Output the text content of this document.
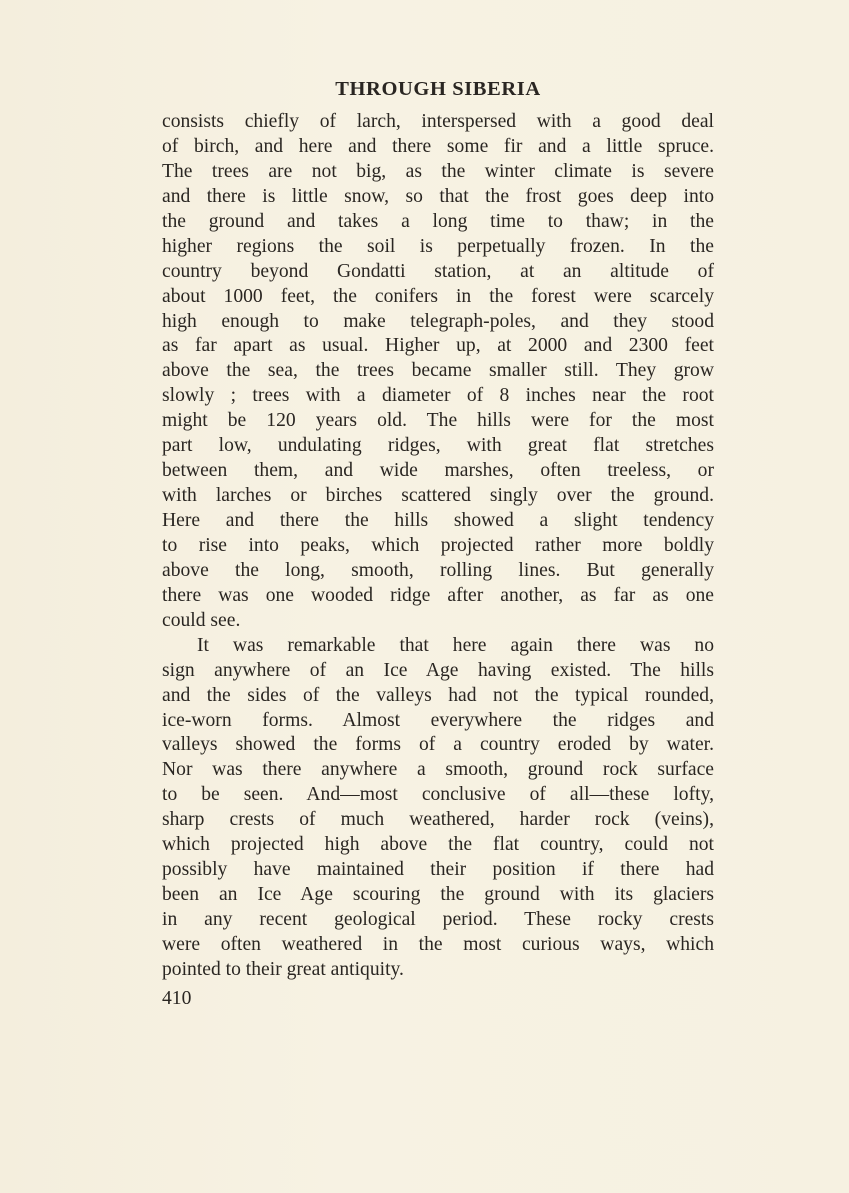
THROUGH SIBERIA

consists chiefly of larch, interspersed with a good deal
of birch, and here and there some fir and a little spruce.
The trees are not big, as the winter climate is severe
and there is little snow, so that the frost goes deep into
the ground and takes a long time to thaw; in the
higher regions the soil is perpetually frozen. In the
country beyond Gondatti station, at an altitude of
about 1000 feet, the conifers in the forest were scarcely
high enough to make telegraph-poles, and they stood
as far apart as usual. Higher up, at 2000 and 2300 feet
above the sea, the trees became smaller still. They grow
slowly ; trees with a diameter of 8 inches near the root
might be 120 years old. The hills were for the most
part low, undulating ridges, with great flat stretches
between them, and wide marshes, often treeless, or
with larches or birches scattered singly over the ground.
Here and there the hills showed a slight tendency
to rise into peaks, which projected rather more boldly
above the long, smooth, rolling lines. But generally
there was one wooded ridge after another, as far as one
could see.

It was remarkable that here again there was no
sign anywhere of an Ice Age having existed. The hills
and the sides of the valleys had not the typical rounded,
ice-worn forms. Almost everywhere the ridges and
valleys showed the forms of a country eroded by water.
Nor was there anywhere a smooth, ground rock surface
to be seen. And—most conclusive of all—these lofty,
sharp crests of much weathered, harder rock (veins),
which projected high above the flat country, could not
possibly have maintained their position if there had
been an Ice Age scouring the ground with its glaciers
in any recent geological period. These rocky crests
were often weathered in the most curious ways, which
pointed to their great antiquity.

410
